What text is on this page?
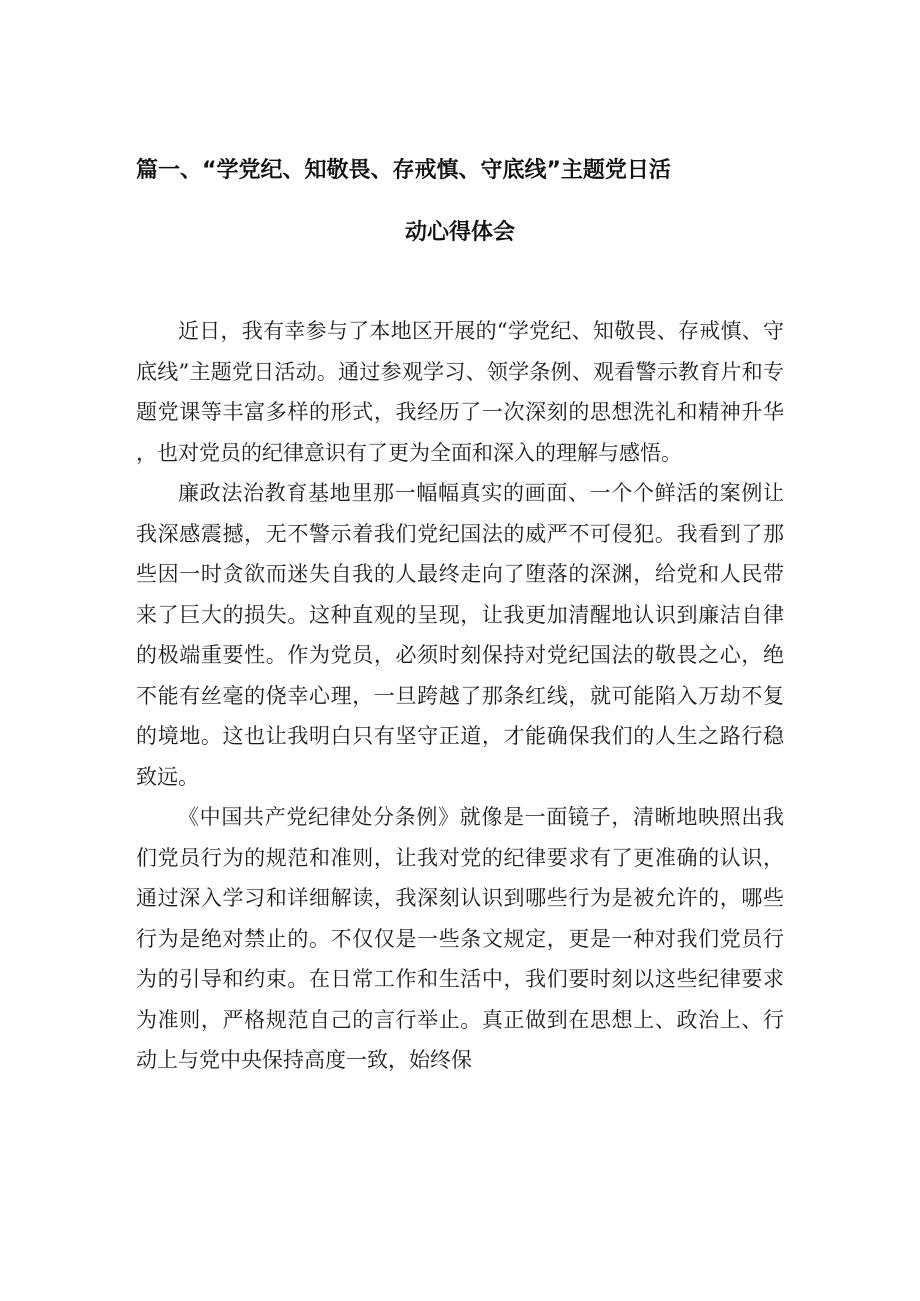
篇一、“学党纪、知敬畏、存戒慎、守底线”主题党日活
动心得体会

近日，我有幸参与了本地区开展的“学党纪、知敬畏、存戒慎、守底线”主题党日活动。通过参观学习、领学条例、观看警示教育片和专题党课等丰富多样的形式，我经历了一次深刻的思想洗礼和精神升华，也对党员的纪律意识有了更为全面和深入的理解与感悟。

廉政法治教育基地里那一幅幅真实的画面、一个个鲜活的案例让我深感震撼，无不警示着我们党纪国法的威严不可侵犯。我看到了那些因一时贪欲而迷失自我的人最终走向了堕落的深渊，给党和人民带来了巨大的损失。这种直观的呈现，让我更加清醒地认识到廉洁自律的极端重要性。作为党员，必须时刻保持对党纪国法的敬畏之心，绝不能有丝毫的侥幸心理，一旦跨越了那条红线，就可能陷入万劫不复的境地。这也让我明白只有坚守正道，才能确保我们的人生之路行稳致远。

《中国共产党纪律处分条例》就像是一面镜子，清晰地映照出我们党员行为的规范和准则，让我对党的纪律要求有了更准确的认识，通过深入学习和详细解读，我深刻认识到哪些行为是被允许的，哪些行为是绝对禁止的。不仅仅是一些条文规定，更是一种对我们党员行为的引导和约束。在日常工作和生活中，我们要时刻以这些纪律要求为准则，严格规范自己的言行举止。真正做到在思想上、政治上、行动上与党中央保持高度一致，始终保
